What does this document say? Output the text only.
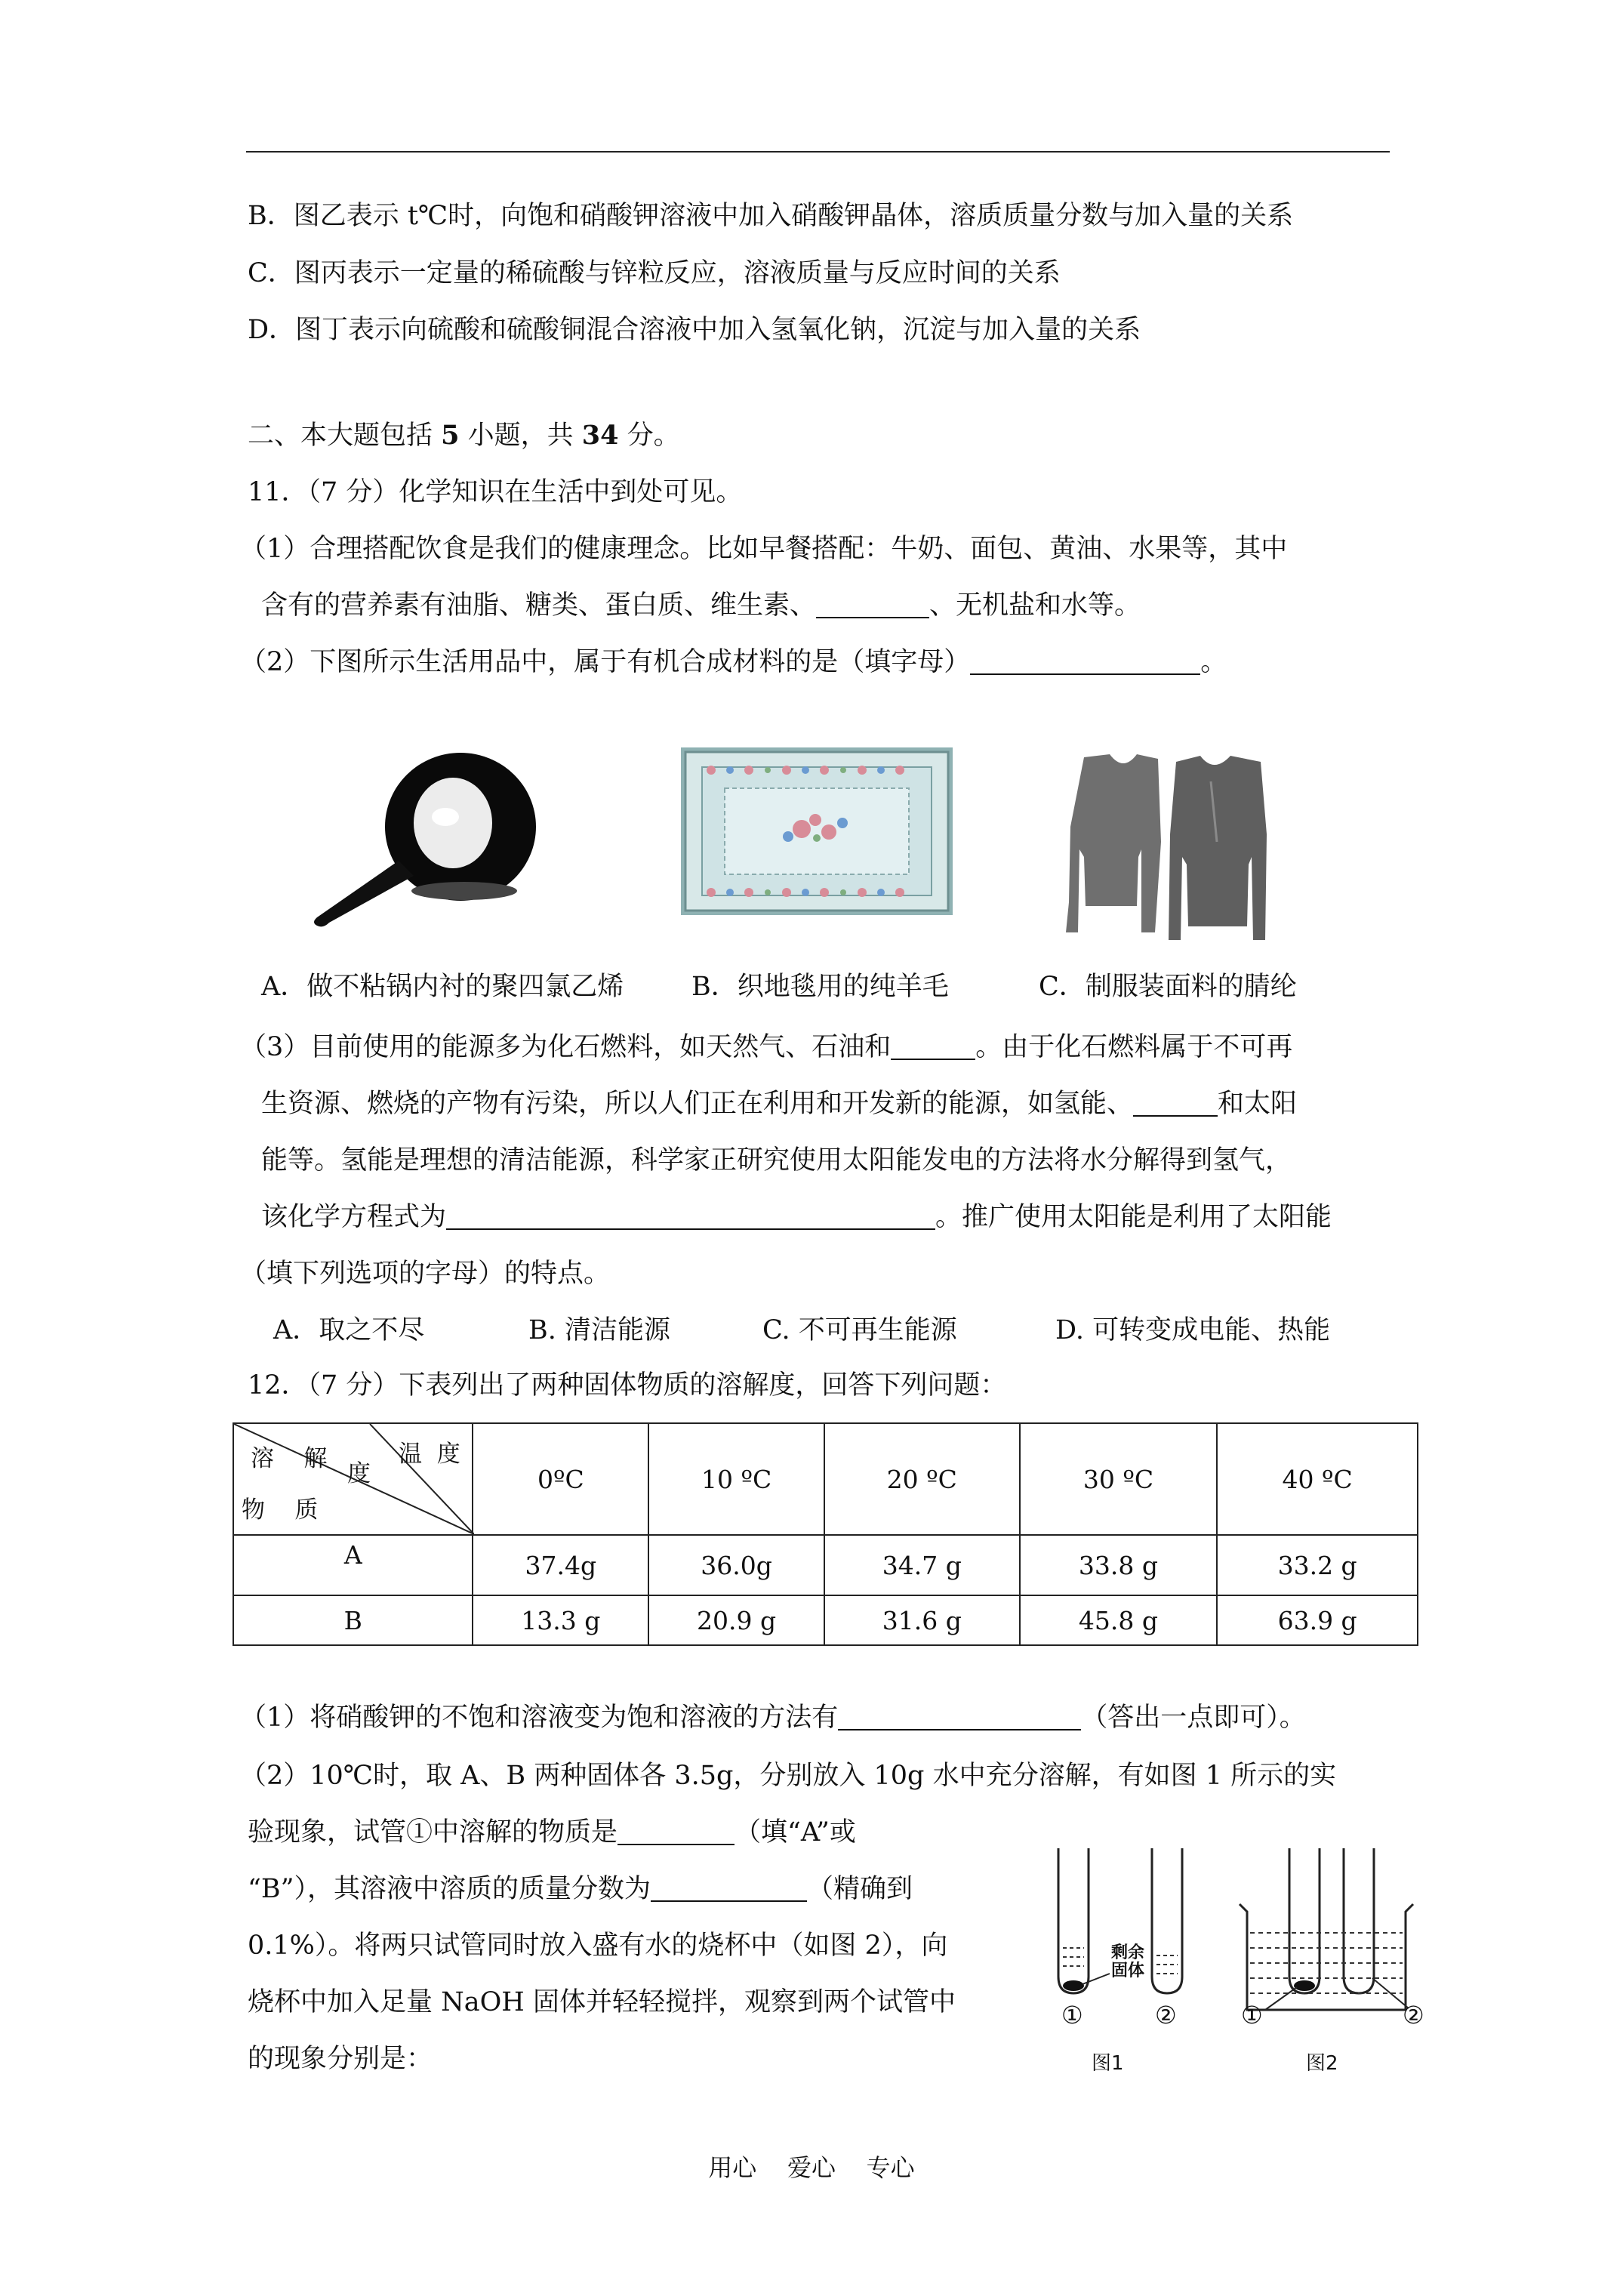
B．图乙表示 t℃时，向饱和硝酸钾溶液中加入硝酸钾晶体，溶质质量分数与加入量的关系
C．图丙表示一定量的稀硫酸与锌粒反应，溶液质量与反应时间的关系
D．图丁表示向硫酸和硫酸铜混合溶液中加入氢氧化钠，沉淀与加入量的关系
二、本大题包括 5 小题，共 34 分。
11．（7 分）化学知识在生活中到处可见。
（1）合理搭配饮食是我们的健康理念。比如早餐搭配：牛奶、面包、黄油、水果等，其中
含有的营养素有油脂、糖类、蛋白质、维生素、	、无机盐和水等。
（2）下图所示生活用品中，属于有机合成材料的是（填字母）	。
A．做不粘锅内衬的聚四氯乙烯	B．织地毯用的纯羊毛	C．制服装面料的腈纶
（3）目前使用的能源多为化石燃料，如天然气、石油和	。由于化石燃料属于不可再
生资源、燃烧的产物有污染，所以人们正在利用和开发新的能源，如氢能、	和太阳
能等。氢能是理想的清洁能源，科学家正研究使用太阳能发电的方法将水分解得到氢气，
该化学方程式为	。推广使用太阳能是利用了太阳能
（填下列选项的字母）的特点。
A．取之不尽	B. 清洁能源	C. 不可再生能源	D. 可转变成电能、热能
12．（7 分）下表列出了两种固体物质的溶解度，回答下列问题：
温  度
度
溶    解
物    质	0ºC	10 ºC	20 ºC	30 ºC	40 ºC
A	37.4g	36.0g	34.7 g	33.8 g	33.2 g
B	13.3 g	20.9 g	31.6 g	45.8 g	63.9 g
（1）将硝酸钾的不饱和溶液变为饱和溶液的方法有	（答出一点即可）。
（2）10℃时，取 A、B 两种固体各 3.5g，分别放入 10g 水中充分溶解，有如图 1 所示的实
验现象，试管①中溶解的物质是	（填“A”或
“B”），其溶液中溶质的质量分数为	（精确到
0.1%）。将两只试管同时放入盛有水的烧杯中（如图 2），向
烧杯中加入足量 NaOH 固体并轻轻搅拌，观察到两个试管中
的现象分别是：
剩余
固体
①	②	①	②
图1	图2
用心    爱心    专心
